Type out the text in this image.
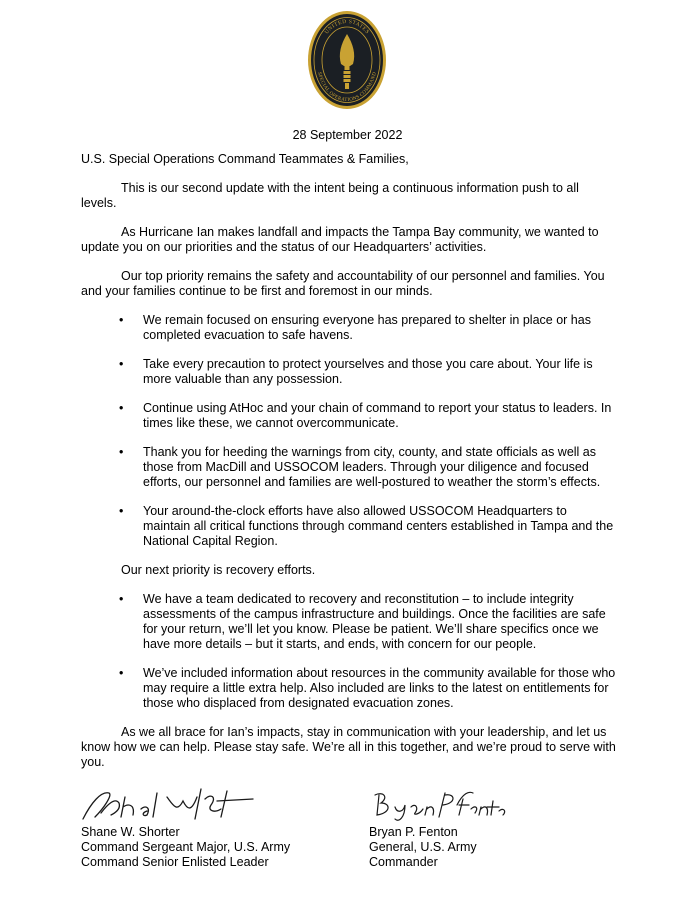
UNITED STATES
SPECIAL OPERATIONS COMMAND
28 September 2022

U.S. Special Operations Command Teammates & Families,

This is our second update with the intent being a continuous information push to all levels.

As Hurricane Ian makes landfall and impacts the Tampa Bay community, we wanted to update you on our priorities and the status of our Headquarters’ activities.

Our top priority remains the safety and accountability of our personnel and families. You and your families continue to be first and foremost in our minds.

• We remain focused on ensuring everyone has prepared to shelter in place or has completed evacuation to safe havens.
• Take every precaution to protect yourselves and those you care about. Your life is more valuable than any possession.
• Continue using AtHoc and your chain of command to report your status to leaders. In times like these, we cannot overcommunicate.
• Thank you for heeding the warnings from city, county, and state officials as well as those from MacDill and USSOCOM leaders. Through your diligence and focused efforts, our personnel and families are well-postured to weather the storm’s effects.
• Your around-the-clock efforts have also allowed USSOCOM Headquarters to maintain all critical functions through command centers established in Tampa and the National Capital Region.

Our next priority is recovery efforts.

• We have a team dedicated to recovery and reconstitution – to include integrity assessments of the campus infrastructure and buildings. Once the facilities are safe for your return, we’ll let you know. Please be patient. We’ll share specifics once we have more details – but it starts, and ends, with concern for our people.
• We’ve included information about resources in the community available for those who may require a little extra help. Also included are links to the latest on entitlements for those who displaced from designated evacuation zones.

As we all brace for Ian’s impacts, stay in communication with your leadership, and let us know how we can help. Please stay safe. We’re all in this together, and we’re proud to serve with you.

Shane W. Shorter
Command Sergeant Major, U.S. Army
Command Senior Enlisted Leader
Bryan P. Fenton
General, U.S. Army
Commander
